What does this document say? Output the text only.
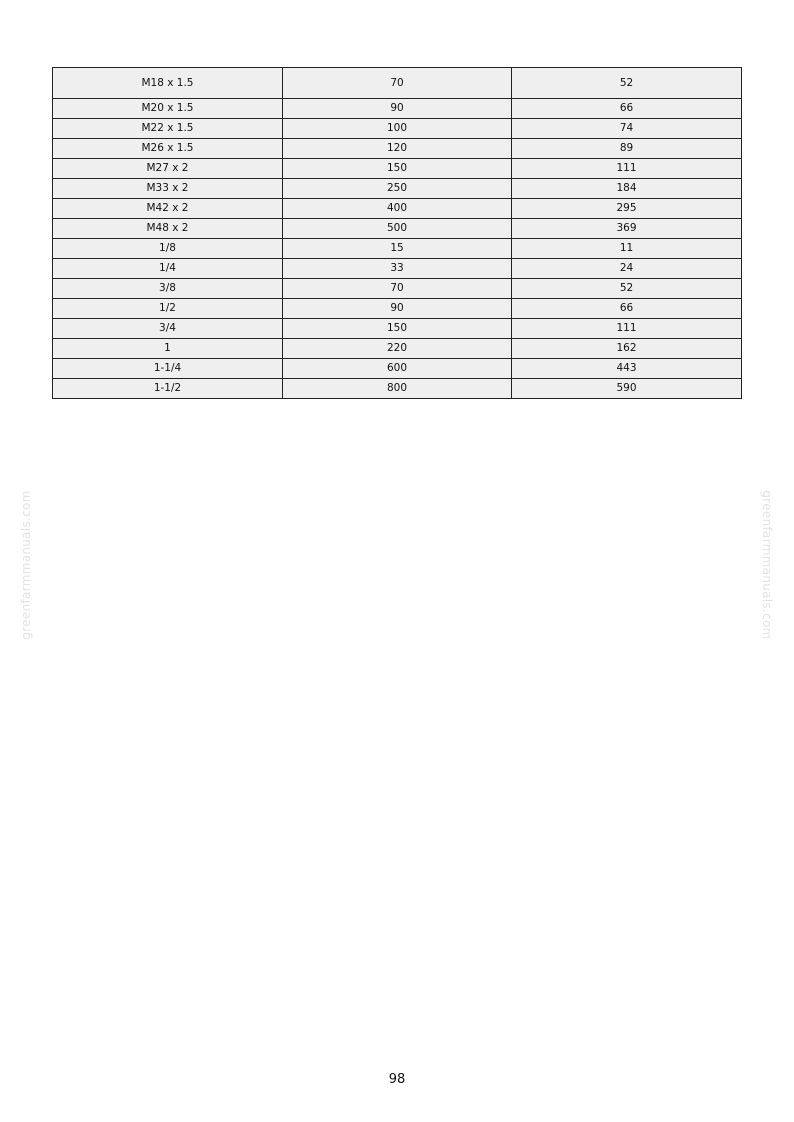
M18 x 1.5	70	52
M20 x 1.5	90	66
M22 x 1.5	100	74
M26 x 1.5	120	89
M27 x 2	150	111
M33 x 2	250	184
M42 x 2	400	295
M48 x 2	500	369
1/8	15	11
1/4	33	24
3/8	70	52
1/2	90	66
3/4	150	111
1	220	162
1-1/4	600	443
1-1/2	800	590
greenfarmmanuals.com	greenfarmmanuals.com
98
